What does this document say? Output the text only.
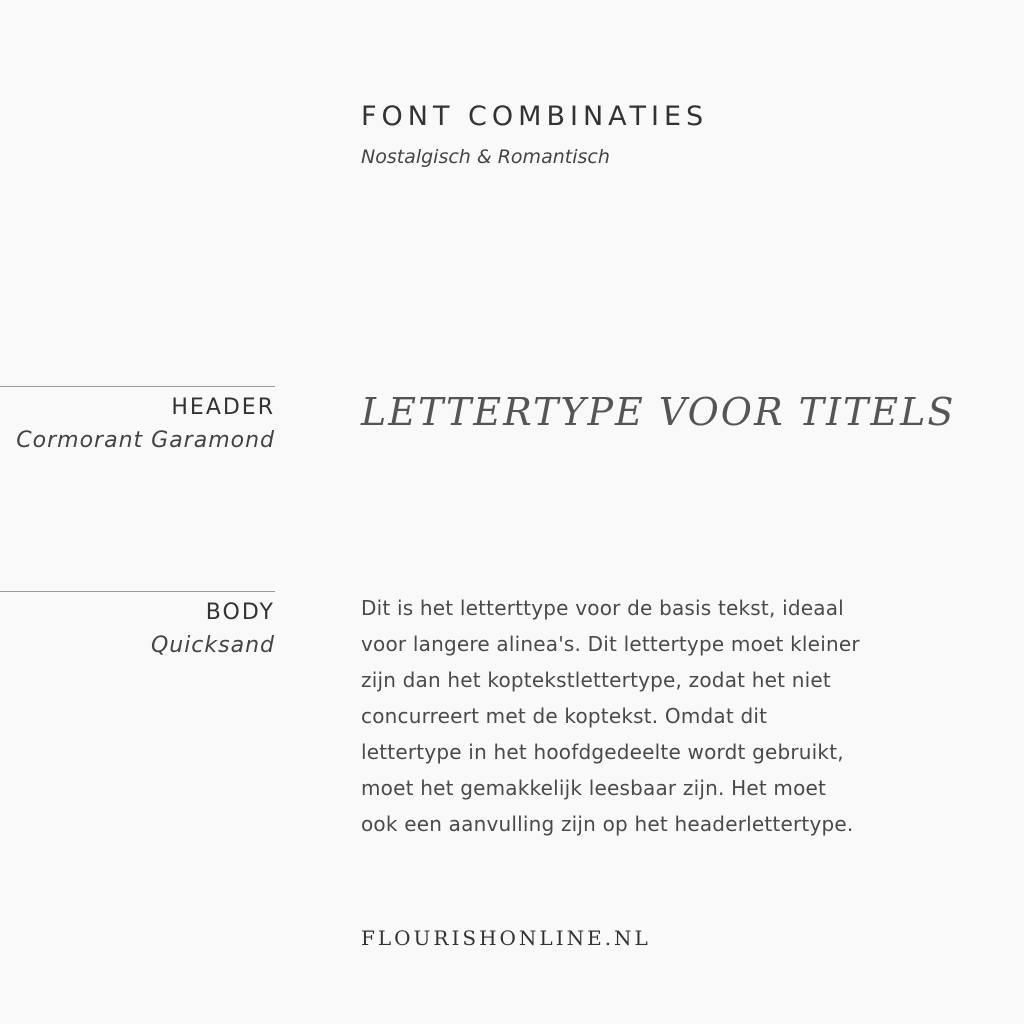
FONT COMBINATIES
Nostalgisch & Romantisch
HEADER
Cormorant Garamond
LETTERTYPE VOOR TITELS
BODY
Quicksand
Dit is het letterttype voor de basis tekst, ideaal
voor langere alinea's. Dit lettertype moet kleiner
zijn dan het koptekstlettertype, zodat het niet
concurreert met de koptekst. Omdat dit
lettertype in het hoofdgedeelte wordt gebruikt,
moet het gemakkelijk leesbaar zijn. Het moet
ook een aanvulling zijn op het headerlettertype.
FLOURISHONLINE.NL
